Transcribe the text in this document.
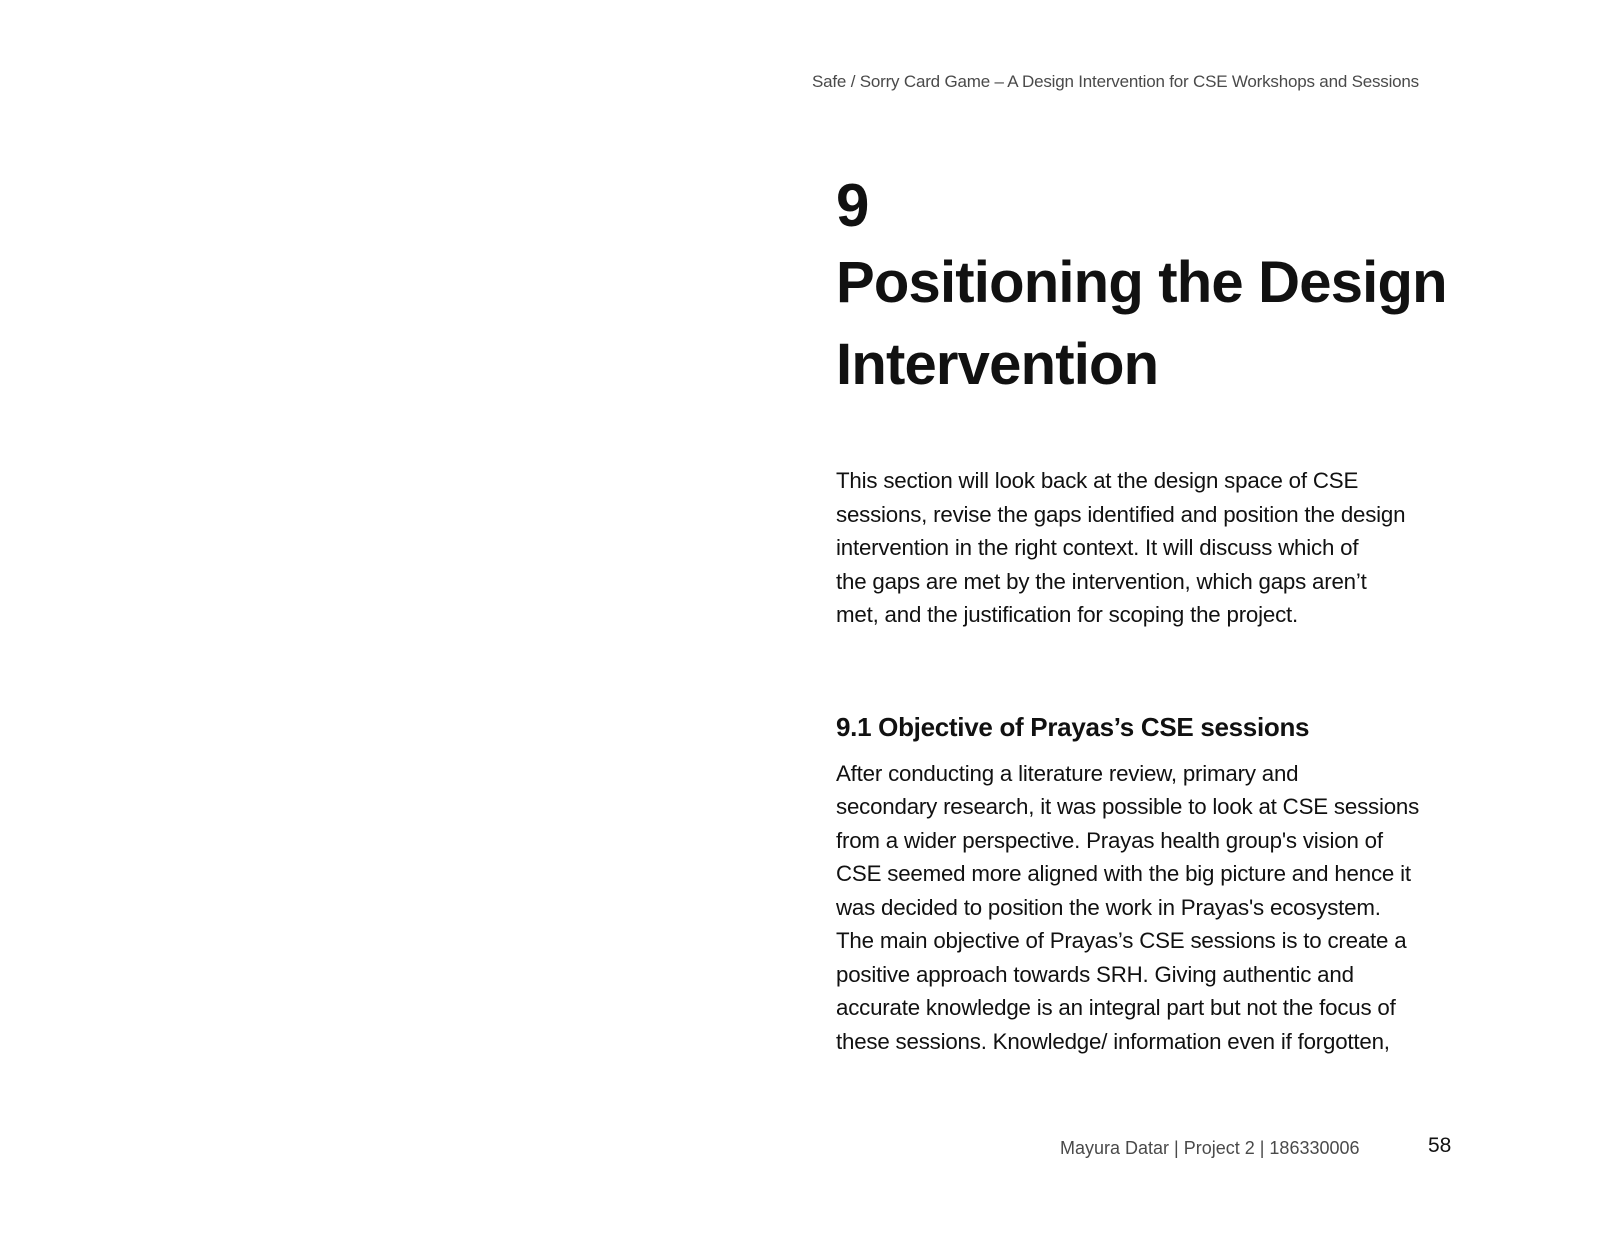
Safe / Sorry Card Game – A Design Intervention for CSE Workshops and Sessions
9
Positioning the Design
Intervention

This section will look back at the design space of CSE
sessions, revise the gaps identified and position the design
intervention in the right context. It will discuss which of
the gaps are met by the intervention, which gaps aren’t
met, and the justification for scoping the project.

9.1 Objective of Prayas’s CSE sessions

After conducting a literature review, primary and
secondary research, it was possible to look at CSE sessions
from a wider perspective. Prayas health group's vision of
CSE seemed more aligned with the big picture and hence it
was decided to position the work in Prayas's ecosystem.
The main objective of Prayas’s CSE sessions is to create a
positive approach towards SRH. Giving authentic and
accurate knowledge is an integral part but not the focus of
these sessions. Knowledge/ information even if forgotten,

Mayura Datar | Project 2 | 186330006	58
